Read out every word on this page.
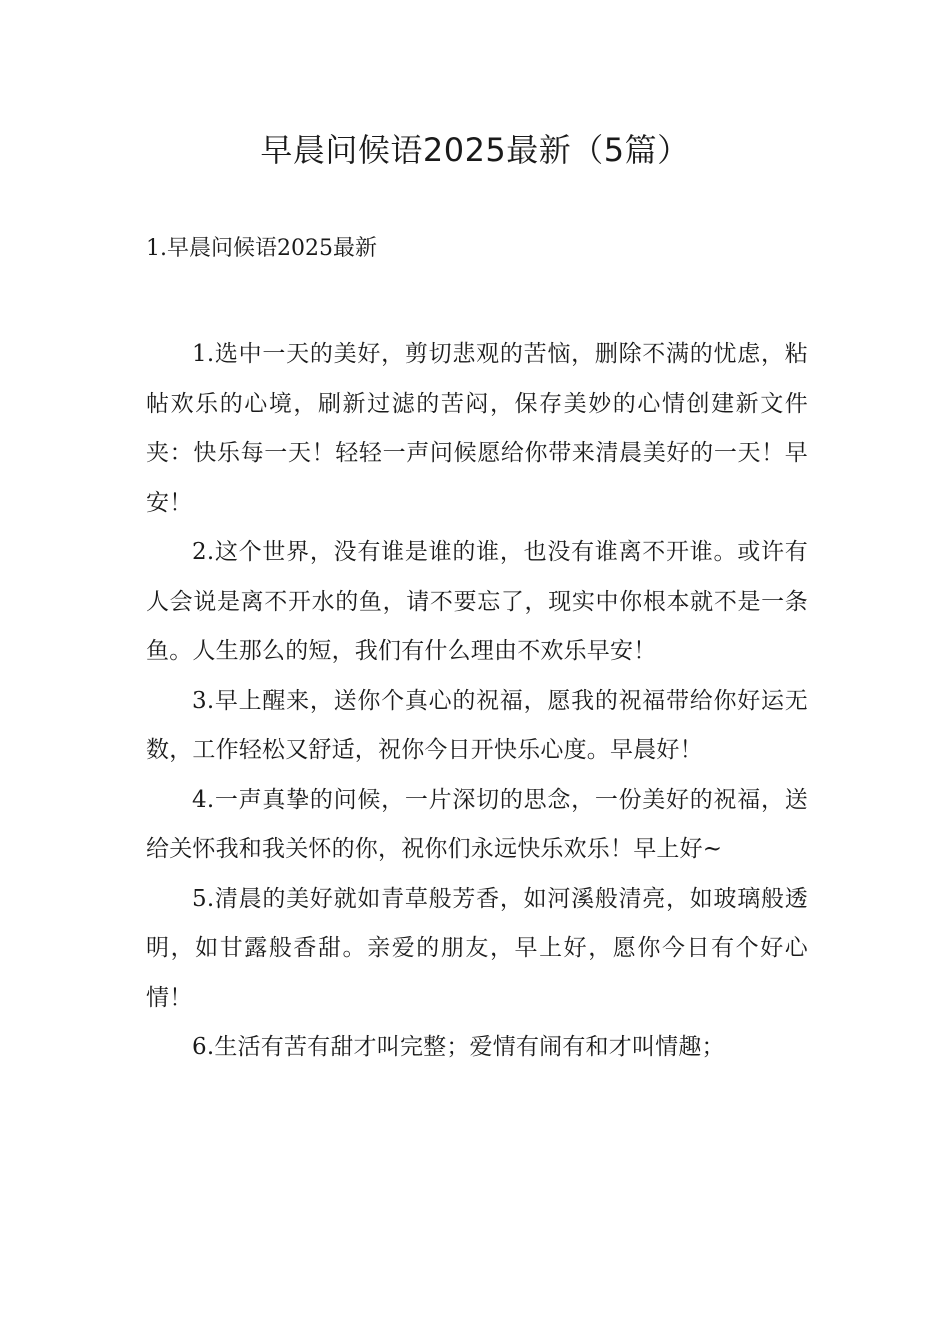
早晨问候语2025最新（5篇）
1.早晨问候语2025最新

1.选中一天的美好，剪切悲观的苦恼，删除不满的忧虑，粘帖欢乐的心境，刷新过滤的苦闷，保存美妙的心情创建新文件夹：快乐每一天！轻轻一声问候愿给你带来清晨美好的一天！早安！

2.这个世界，没有谁是谁的谁，也没有谁离不开谁。或许有人会说是离不开水的鱼，请不要忘了，现实中你根本就不是一条鱼。人生那么的短，我们有什么理由不欢乐早安！

3.早上醒来，送你个真心的祝福，愿我的祝福带给你好运无数，工作轻松又舒适，祝你今日开快乐心度。早晨好！

4.一声真挚的问候，一片深切的思念，一份美好的祝福，送给关怀我和我关怀的你，祝你们永远快乐欢乐！早上好~

5.清晨的美好就如青草般芳香，如河溪般清亮，如玻璃般透明，如甘露般香甜。亲爱的朋友，早上好，愿你今日有个好心情！

6.生活有苦有甜才叫完整；爱情有闹有和才叫情趣；
